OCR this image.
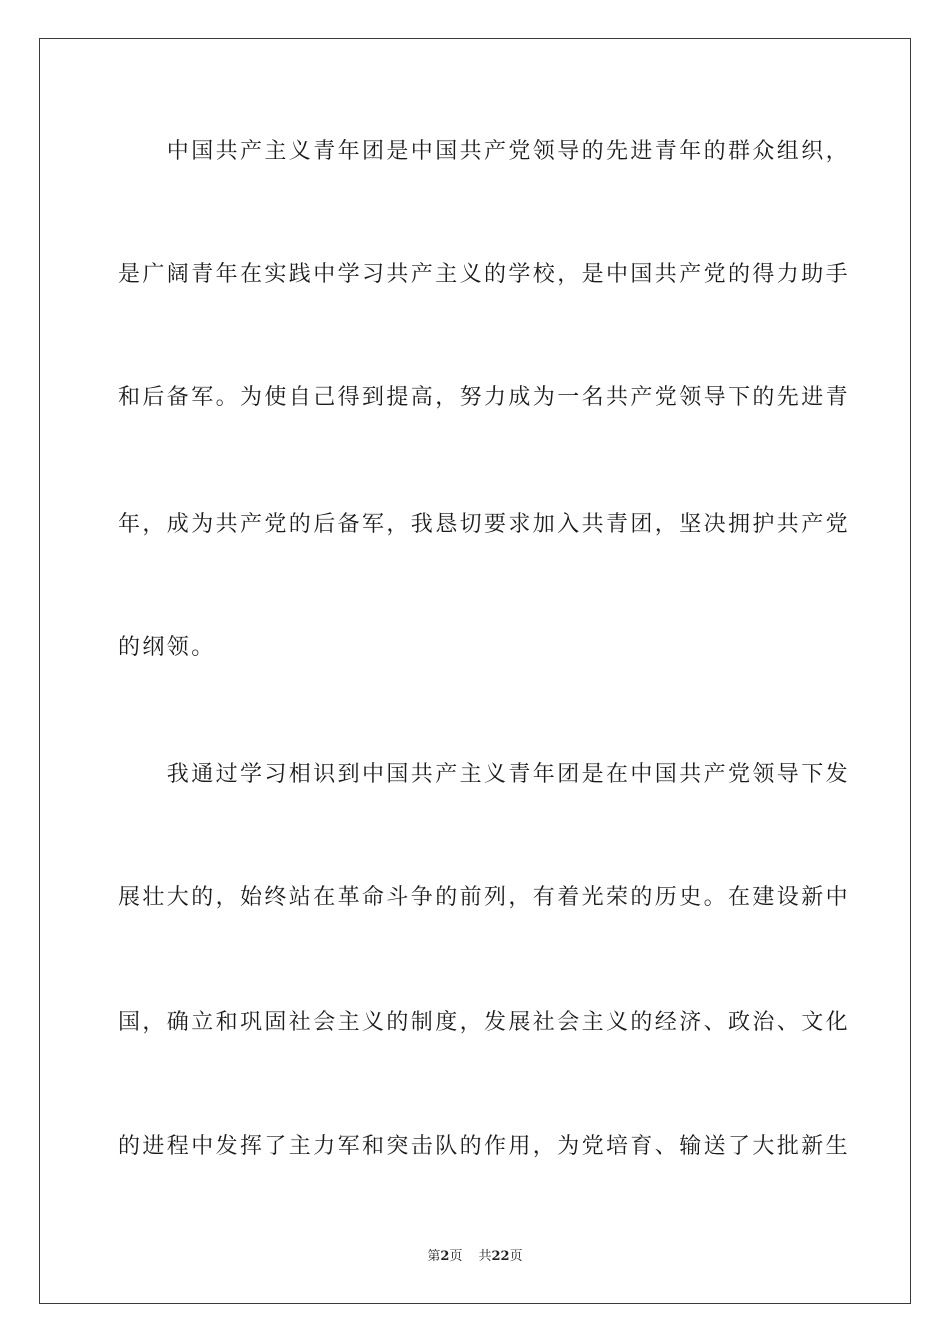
　　中国共产主义青年团是中国共产党领导的先进青年的群众组织，
是广阔青年在实践中学习共产主义的学校，是中国共产党的得力助手
和后备军。为使自己得到提高，努力成为一名共产党领导下的先进青
年，成为共产党的后备军，我恳切要求加入共青团，坚决拥护共产党
的纲领。
　　我通过学习相识到中国共产主义青年团是在中国共产党领导下发
展壮大的，始终站在革命斗争的前列，有着光荣的历史。在建设新中
国，确立和巩固社会主义的制度，发展社会主义的经济、政治、文化
的进程中发挥了主力军和突击队的作用，为党培育、输送了大批新生
第2页 共22页
